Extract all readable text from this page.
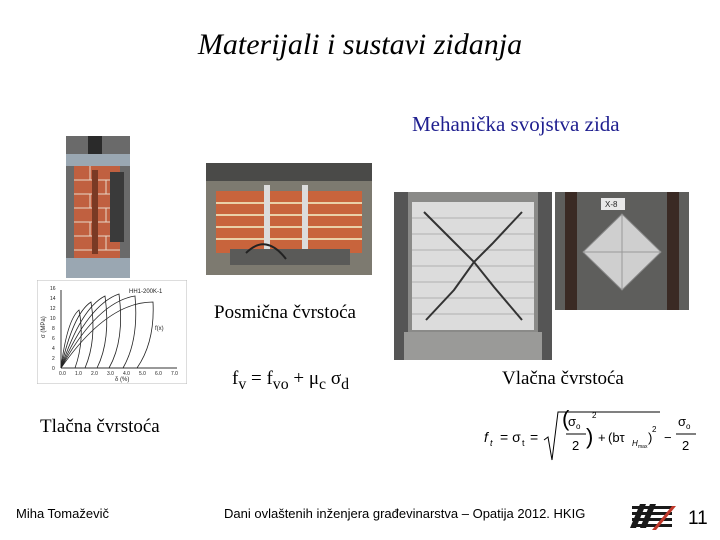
Materijali i sustavi zidanja
Mehanička svojstva zida
X-8
HH1-200K-1
f(x)
δ (%)
σ (MPa)
0.0 1.0 2.0 3.0 4.0 5.0 6.0 7.0
0
2
4
6
8
10
12
14
16
Posmična čvrstoća
$f_v = f_{vo} + \mu_c$ $\sigma_d$	Vlačna čvrstoća
Tlačna čvrstoća	f t = σ t =
(
σ o
2 )
2
+ (bτ H max
)
2
−
σ o
2
Miha Tomaževič	Dani ovlaštenih inženjera građevinarstva – Opatija 2012. HKIG	11
